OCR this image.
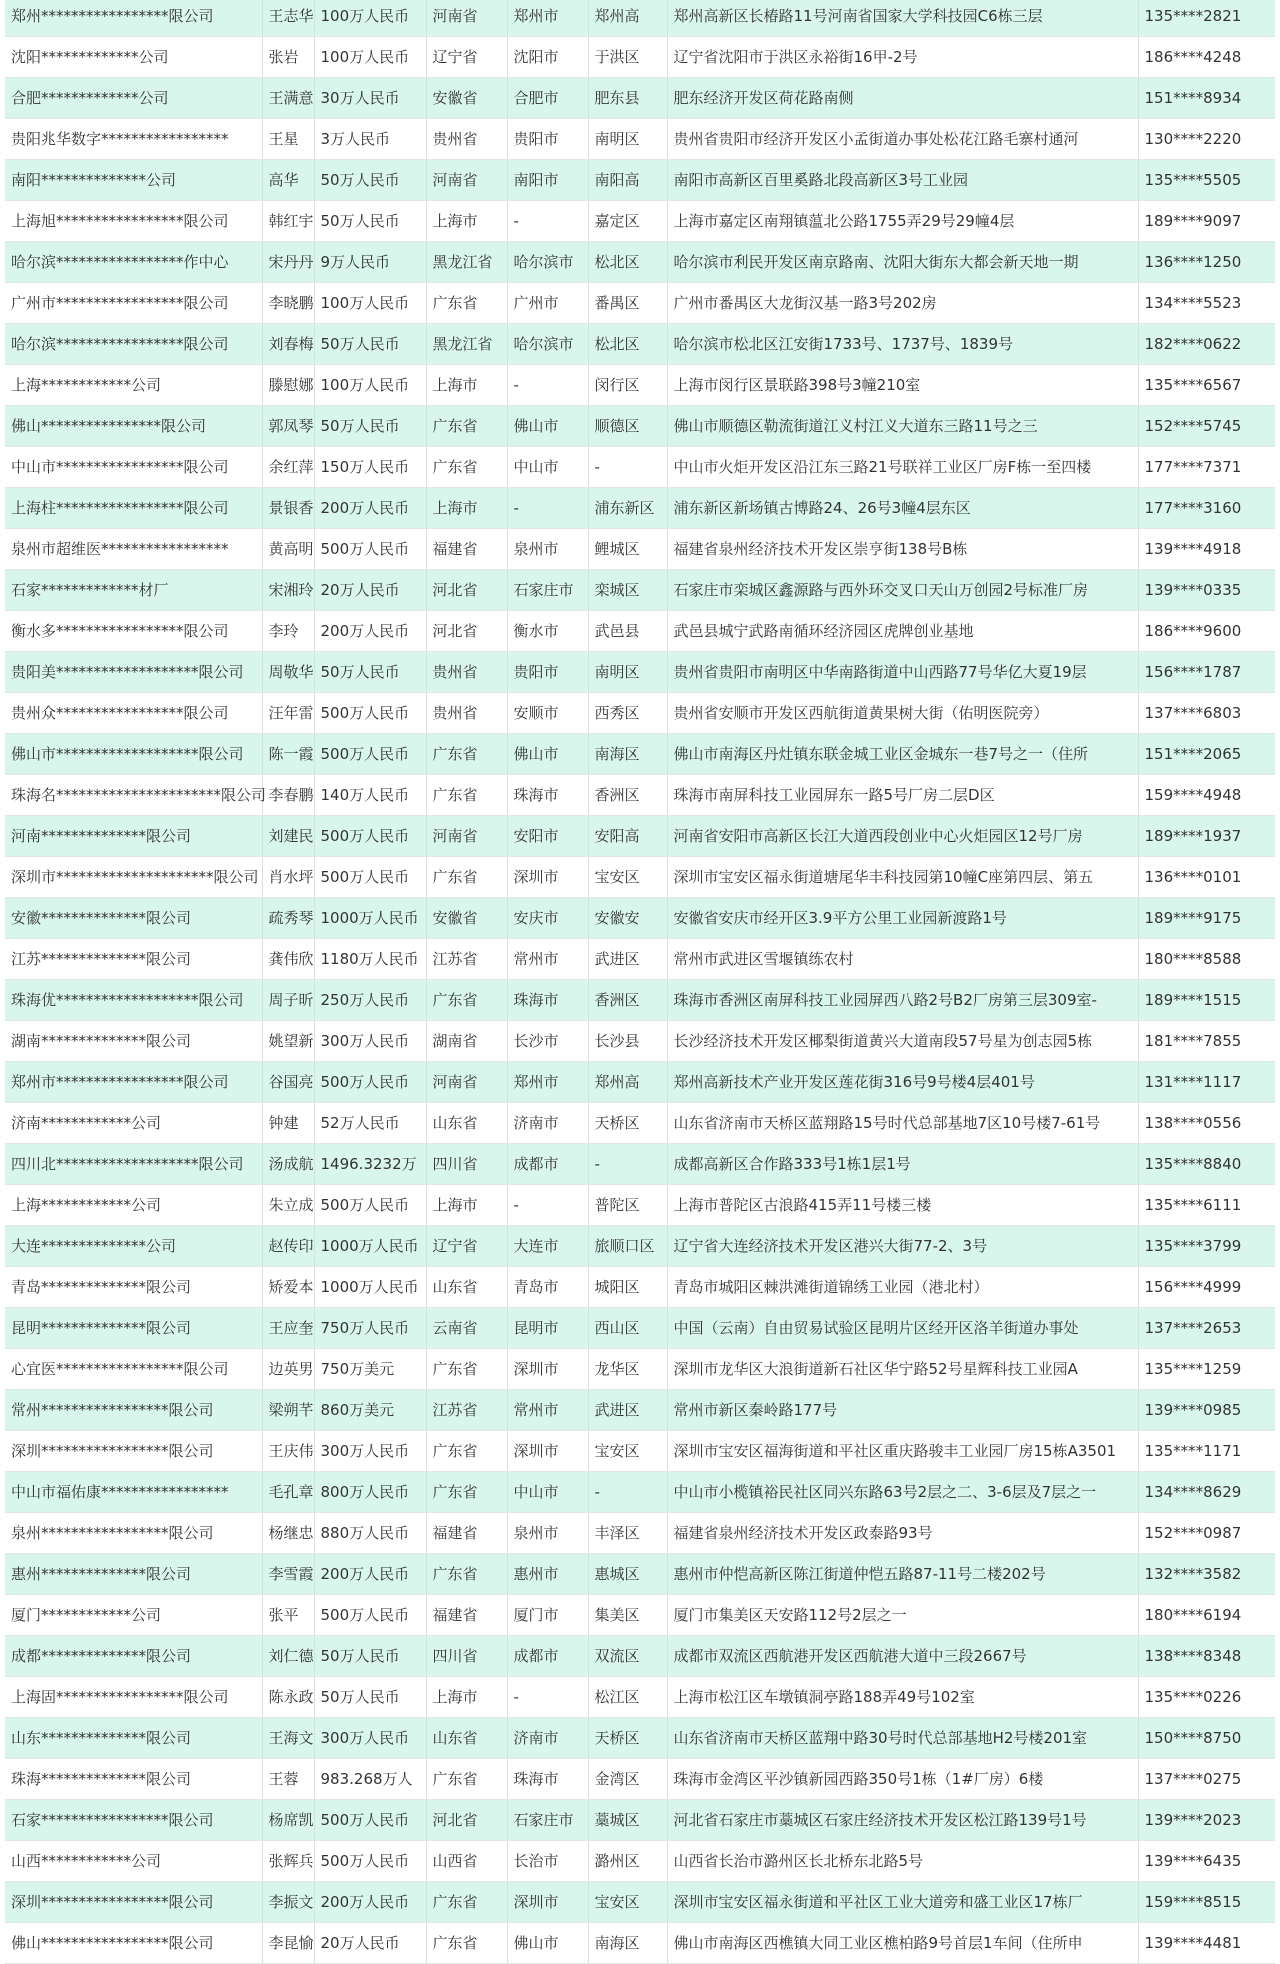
郑州*****************限公司	王志华	100万人民币	河南省	郑州市	郑州高	郑州高新区长椿路11号河南省国家大学科技园C6栋三层	135****2821
沈阳*************公司	张岩	100万人民币	辽宁省	沈阳市	于洪区	辽宁省沈阳市于洪区永裕街16甲-2号	186****4248
合肥*************公司	王满意	30万人民币	安徽省	合肥市	肥东县	肥东经济开发区荷花路南侧	151****8934
贵阳兆华数字*****************	王星	3万人民币	贵州省	贵阳市	南明区	贵州省贵阳市经济开发区小孟街道办事处松花江路毛寨村通河	130****2220
南阳**************公司	高华	50万人民币	河南省	南阳市	南阳高	南阳市高新区百里奚路北段高新区3号工业园	135****5505
上海旭*****************限公司	韩红宇	50万人民币	上海市	-	嘉定区	上海市嘉定区南翔镇蕰北公路1755弄29号29幢4层	189****9097
哈尔滨*****************作中心	宋丹丹	9万人民币	黑龙江省	哈尔滨市	松北区	哈尔滨市利民开发区南京路南、沈阳大街东大都会新天地一期	136****1250
广州市*****************限公司	李晓鹏	100万人民币	广东省	广州市	番禺区	广州市番禺区大龙街汉基一路3号202房	134****5523
哈尔滨*****************限公司	刘春梅	50万人民币	黑龙江省	哈尔滨市	松北区	哈尔滨市松北区江安街1733号、1737号、1839号	182****0622
上海************公司	滕慰娜	100万人民币	上海市	-	闵行区	上海市闵行区景联路398号3幢210室	135****6567
佛山****************限公司	郭凤琴	50万人民币	广东省	佛山市	顺德区	佛山市顺德区勒流街道江义村江义大道东三路11号之三	152****5745
中山市*****************限公司	余红萍	150万人民币	广东省	中山市	-	中山市火炬开发区沿江东三路21号联祥工业区厂房F栋一至四楼	177****7371
上海柱*****************限公司	景银香	200万人民币	上海市	-	浦东新区	浦东新区新场镇古博路24、26号3幢4层东区	177****3160
泉州市超维医*****************	黄高明	500万人民币	福建省	泉州市	鲤城区	福建省泉州经济技术开发区崇亨街138号B栋	139****4918
石家*************材厂	宋湘玲	20万人民币	河北省	石家庄市	栾城区	石家庄市栾城区鑫源路与西外环交叉口天山万创园2号标准厂房	139****0335
衡水多*****************限公司	李玲	200万人民币	河北省	衡水市	武邑县	武邑县城宁武路南循环经济园区虎牌创业基地	186****9600
贵阳美*******************限公司	周敬华	50万人民币	贵州省	贵阳市	南明区	贵州省贵阳市南明区中华南路街道中山西路77号华亿大夏19层	156****1787
贵州众*****************限公司	汪年雷	500万人民币	贵州省	安顺市	西秀区	贵州省安顺市开发区西航街道黄果树大街（佑明医院旁）	137****6803
佛山市*******************限公司	陈一霞	500万人民币	广东省	佛山市	南海区	佛山市南海区丹灶镇东联金城工业区金城东一巷7号之一（住所	151****2065
珠海名**********************限公司	李春鹏	140万人民币	广东省	珠海市	香洲区	珠海市南屏科技工业园屏东一路5号厂房二层D区	159****4948
河南**************限公司	刘建民	500万人民币	河南省	安阳市	安阳高	河南省安阳市高新区长江大道西段创业中心火炬园区12号厂房	189****1937
深圳市*********************限公司	肖水坪	500万人民币	广东省	深圳市	宝安区	深圳市宝安区福永街道塘尾华丰科技园第10幢C座第四层、第五	136****0101
安徽**************限公司	疏秀琴	1000万人民币	安徽省	安庆市	安徽安	安徽省安庆市经开区3.9平方公里工业园新渡路1号	189****9175
江苏**************限公司	龚伟欣	1180万人民币	江苏省	常州市	武进区	常州市武进区雪堰镇练农村	180****8588
珠海优*******************限公司	周子昕	250万人民币	广东省	珠海市	香洲区	珠海市香洲区南屏科技工业园屏西八路2号B2厂房第三层309室-	189****1515
湖南**************限公司	姚望新	300万人民币	湖南省	长沙市	长沙县	长沙经济技术开发区椰梨街道黄兴大道南段57号星为创志园5栋	181****7855
郑州市*****************限公司	谷国亮	500万人民币	河南省	郑州市	郑州高	郑州高新技术产业开发区莲花街316号9号楼4层401号	131****1117
济南************公司	钟建	52万人民币	山东省	济南市	天桥区	山东省济南市天桥区蓝翔路15号时代总部基地7区10号楼7-61号	138****0556
四川北*******************限公司	汤成航	1496.3232万	四川省	成都市	-	成都高新区合作路333号1栋1层1号	135****8840
上海************公司	朱立成	500万人民币	上海市	-	普陀区	上海市普陀区古浪路415弄11号楼三楼	135****6111
大连**************公司	赵传印	1000万人民币	辽宁省	大连市	旅顺口区	辽宁省大连经济技术开发区港兴大街77-2、3号	135****3799
青岛**************限公司	矫爱本	1000万人民币	山东省	青岛市	城阳区	青岛市城阳区棘洪滩街道锦绣工业园（港北村）	156****4999
昆明**************限公司	王应奎	750万人民币	云南省	昆明市	西山区	中国（云南）自由贸易试验区昆明片区经开区洛羊街道办事处	137****2653
心宜医*****************限公司	边英男	750万美元	广东省	深圳市	龙华区	深圳市龙华区大浪街道新石社区华宁路52号星辉科技工业园A	135****1259
常州*****************限公司	梁朔芊	860万美元	江苏省	常州市	武进区	常州市新区秦岭路177号	139****0985
深圳*****************限公司	王庆伟	300万人民币	广东省	深圳市	宝安区	深圳市宝安区福海街道和平社区重庆路骏丰工业园厂房15栋A3501	135****1171
中山市福佑康*****************	毛孔章	800万人民币	广东省	中山市	-	中山市小榄镇裕民社区同兴东路63号2层之二、3-6层及7层之一	134****8629
泉州*****************限公司	杨继忠	880万人民币	福建省	泉州市	丰泽区	福建省泉州经济技术开发区政泰路93号	152****0987
惠州**************限公司	李雪霞	200万人民币	广东省	惠州市	惠城区	惠州市仲恺高新区陈江街道仲恺五路87-11号二楼202号	132****3582
厦门************公司	张平	500万人民币	福建省	厦门市	集美区	厦门市集美区天安路112号2层之一	180****6194
成都**************限公司	刘仁德	50万人民币	四川省	成都市	双流区	成都市双流区西航港开发区西航港大道中三段2667号	138****8348
上海固*****************限公司	陈永政	50万人民币	上海市	-	松江区	上海市松江区车墩镇洞亭路188弄49号102室	135****0226
山东**************限公司	王海文	300万人民币	山东省	济南市	天桥区	山东省济南市天桥区蓝翔中路30号时代总部基地H2号楼201室	150****8750
珠海**************限公司	王蓉	983.268万人	广东省	珠海市	金湾区	珠海市金湾区平沙镇新园西路350号1栋（1#厂房）6楼	137****0275
石家*****************限公司	杨席凯	500万人民币	河北省	石家庄市	藁城区	河北省石家庄市藁城区石家庄经济技术开发区松江路139号1号	139****2023
山西************公司	张辉兵	500万人民币	山西省	长治市	潞州区	山西省长治市潞州区长北桥东北路5号	139****6435
深圳*****************限公司	李振文	200万人民币	广东省	深圳市	宝安区	深圳市宝安区福永街道和平社区工业大道旁和盛工业区17栋厂	159****8515
佛山*****************限公司	李昆愉	20万人民币	广东省	佛山市	南海区	佛山市南海区西樵镇大同工业区樵柏路9号首层1车间（住所申	139****4481
